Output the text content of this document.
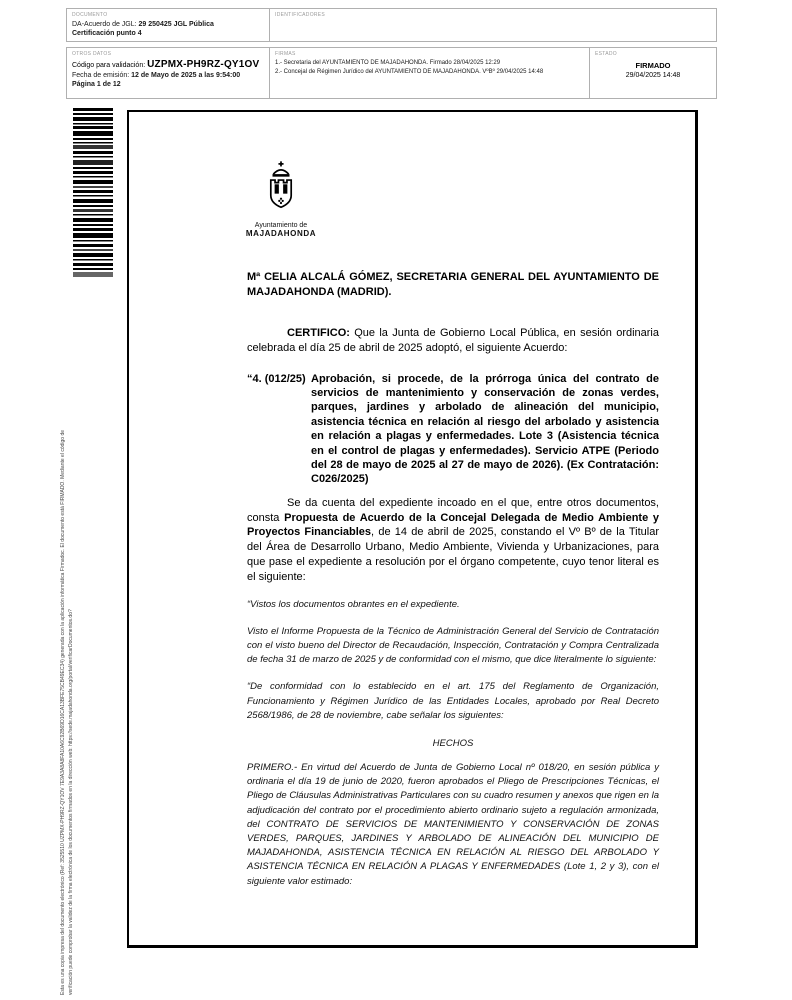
DOCUMENTO
DA-Acuerdo de JGL: 29 250425 JGL Pública
Certificación punto 4
IDENTIFICADORES
OTROS DATOS
Código para validación: UZPMX-PH9RZ-QY1OV
Fecha de emisión: 12 de Mayo de 2025 a las 9:54:00
Página 1 de 12
FIRMAS
1.- Secretaria del AYUNTAMIENTO DE MAJADAHONDA. Firmado 28/04/2025 12:29
2.- Concejal de Régimen Jurídico del AYUNTAMIENTO DE MAJADAHONDA. VºBº 29/04/2025 14:48
ESTADO
FIRMADO
29/04/2025 14:48
Esta es una copia impresa del documento electrónico (Ref: 3525510 UZPMX-PH9RZ-QY1OV 7E9A3A8A8FA10A6C92B69D16CA13BFE75CB49EC34) generada con la aplicación informática Firmadoc. El documento está FIRMADO. Mediante el código de verificación puede comprobar la validez de la firma electrónica de los documentos firmados en la dirección web: https://sede.majadahonda.org/portal/verificarDocumentos.do?
Ayuntamiento de
MAJADAHONDA
Mª CELIA ALCALÁ GÓMEZ, SECRETARIA GENERAL DEL AYUNTAMIENTO DE MAJADAHONDA (MADRID).
CERTIFICO: Que la Junta de Gobierno Local Pública, en sesión ordinaria celebrada el día 25 de abril de 2025 adoptó, el siguiente Acuerdo:
“4. (012/25) Aprobación, si procede, de la prórroga única del contrato de servicios de mantenimiento y conservación de zonas verdes, parques, jardines y arbolado de alineación del municipio, asistencia técnica en relación al riesgo del arbolado y asistencia en relación a plagas y enfermedades. Lote 3 (Asistencia técnica en el control de plagas y enfermedades). Servicio ATPE (Periodo del 28 de mayo de 2025 al 27 de mayo de 2026). (Ex Contratación: C026/2025)
Se da cuenta del expediente incoado en el que, entre otros documentos, consta Propuesta de Acuerdo de la Concejal Delegada de Medio Ambiente y Proyectos Financiables, de 14 de abril de 2025, constando el Vº Bº de la Titular del Área de Desarrollo Urbano, Medio Ambiente, Vivienda y Urbanizaciones, para que pase el expediente a resolución por el órgano competente, cuyo tenor literal es el siguiente:
“Vistos los documentos obrantes en el expediente.
Visto el Informe Propuesta de la Técnico de Administración General del Servicio de Contratación con el visto bueno del Director de Recaudación, Inspección, Contratación y Compra Centralizada de fecha 31 de marzo de 2025 y de conformidad con el mismo, que dice literalmente lo siguiente:
“De conformidad con lo establecido en el art. 175 del Reglamento de Organización, Funcionamiento y Régimen Jurídico de las Entidades Locales, aprobado por Real Decreto 2568/1986, de 28 de noviembre, cabe señalar los siguientes:
HECHOS
PRIMERO.- En virtud del Acuerdo de Junta de Gobierno Local nº 018/20, en sesión pública y ordinaria el día 19 de junio de 2020, fueron aprobados el Pliego de Prescripciones Técnicas, el Pliego de Cláusulas Administrativas Particulares con su cuadro resumen y anexos que rigen en la adjudicación del contrato por el procedimiento abierto ordinario sujeto a regulación armonizada, del CONTRATO DE SERVICIOS DE MANTENIMIENTO Y CONSERVACIÓN DE ZONAS VERDES, PARQUES, JARDINES Y ARBOLADO DE ALINEACIÓN DEL MUNICIPIO DE MAJADAHONDA, ASISTENCIA TÉCNICA EN RELACIÓN AL RIESGO DEL ARBOLADO Y ASISTENCIA TÉCNICA EN RELACIÓN A PLAGAS Y ENFERMEDADES (Lote 1, 2 y 3), con el siguiente valor estimado:
